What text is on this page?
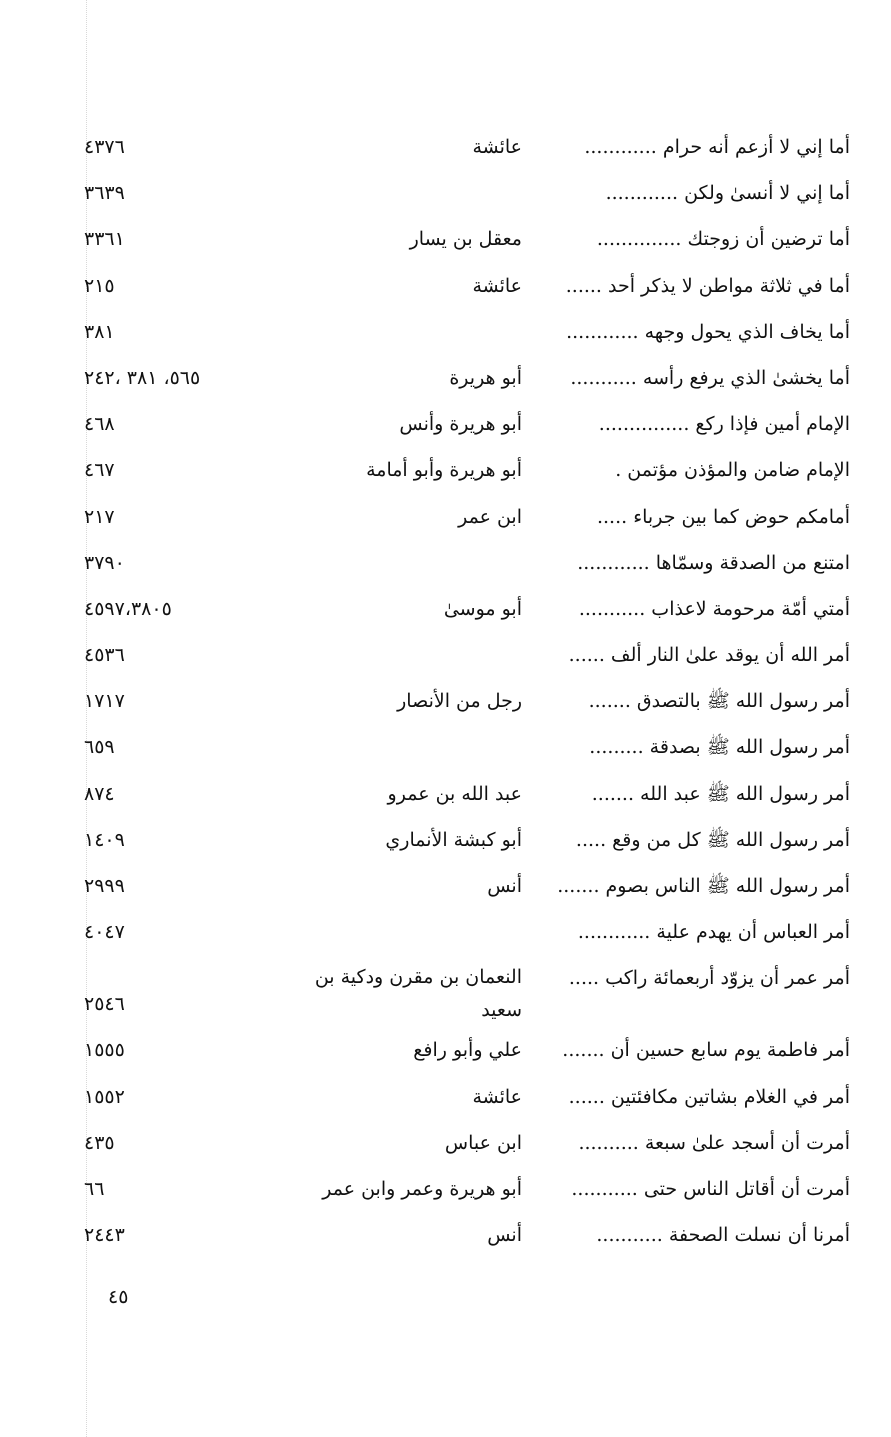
أما إني لا أزعم أنه حرام ............
عائشة
٤٣٧٦
أما إني لا أنسىٰ ولكن ............
٣٦٣٩
أما ترضين أن زوجتك ..............
معقل بن يسار
٣٣٦١
أما في ثلاثة مواطن لا يذكر أحد ......
عائشة
٢١٥
أما يخاف الذي يحول وجهه ............
٣٨١
أما يخشىٰ الذي يرفع رأسه ...........
أبو هريرة
٥٦٥، ٣٨١ ،٢٤٢
الإمام أمين فإذا ركع ...............
أبو هريرة وأنس
٤٦٨
الإمام ضامن والمؤذن مؤتمن .
أبو هريرة وأبو أمامة
٤٦٧
أمامكم حوض كما بين جرباء .....
ابن عمر
٢١٧
امتنع من الصدقة وسمّاها ............
٣٧٩٠
أمتي أمّة مرحومة لاعذاب ...........
أبو موسىٰ
٤٥٩٧،٣٨٠٥
أمر الله أن يوقد علىٰ النار ألف ......
٤٥٣٦
أمر رسول الله ﷺ بالتصدق .......
رجل من الأنصار
١٧١٧
أمر رسول الله ﷺ بصدقة .........
٦٥٩
أمر رسول الله ﷺ عبد الله .......
عبد الله بن عمرو
٨٧٤
أمر رسول الله ﷺ كل من وقع .....
أبو كبشة الأنماري
١٤٠٩
أمر رسول الله ﷺ الناس بصوم .......
أنس
٢٩٩٩
أمر العباس أن يهدم علية ............
٤٠٤٧
أمر عمر أن يزوّد أربعمائة راكب .....
النعمان بن مقرن ودكية بن سعيد
٢٥٤٦
أمر فاطمة يوم سابع حسين أن .......
علي وأبو رافع
١٥٥٥
أمر في الغلام بشاتين مكافئتين ......
عائشة
١٥٥٢
أمرت أن أسجد علىٰ سبعة ..........
ابن عباس
٤٣٥
أمرت أن أقاتل الناس حتى ...........
أبو هريرة وعمر وابن عمر
٦٦
أمرنا أن نسلت الصحفة ...........
أنس
٢٤٤٣
٤٥
